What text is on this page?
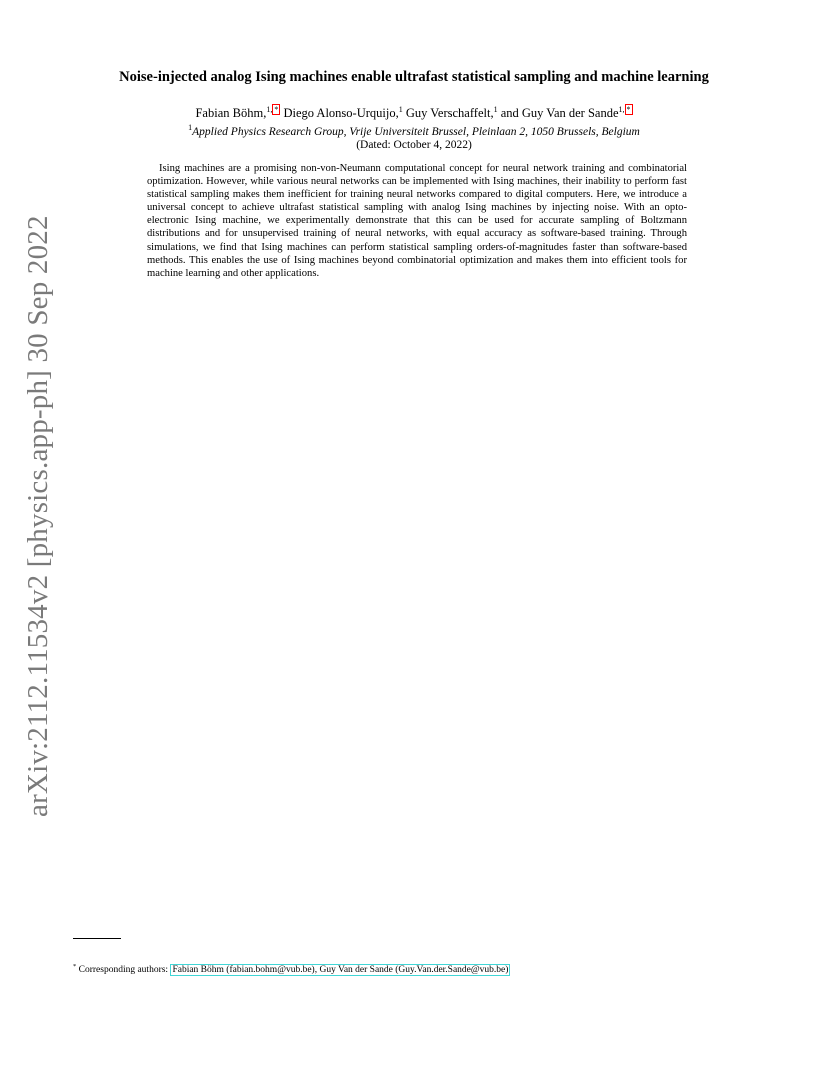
arXiv:2112.11534v2 [physics.app-ph] 30 Sep 2022
Noise-injected analog Ising machines enable ultrafast statistical sampling and machine learning
Fabian Böhm,$^{1, *}$ Diego Alonso-Urquijo,$^1$ Guy Verschaffelt,$^1$ and Guy Van der Sande$^{1, *}$
$^1$Applied Physics Research Group, Vrije Universiteit Brussel, Pleinlaan 2, 1050 Brussels, Belgium
(Dated: October 4, 2022)

Ising machines are a promising non-von-Neumann computational concept for neural network training and combinatorial optimization. However, while various neural networks can be implemented with Ising machines, their inability to perform fast statistical sampling makes them inefficient for training neural networks compared to digital computers. Here, we introduce a universal concept to achieve ultrafast statistical sampling with analog Ising machines by injecting noise. With an opto-electronic Ising machine, we experimentally demonstrate that this can be used for accurate sampling of Boltzmann distributions and for unsupervised training of neural networks, with equal accuracy as software-based training. Through simulations, we find that Ising machines can perform statistical sampling orders-of-magnitudes faster than software-based methods. This enables the use of Ising machines beyond combinatorial optimization and makes them into efficient tools for machine learning and other applications.

* Corresponding authors: Fabian Böhm (fabian.bohm@vub.be), Guy Van der Sande (Guy.Van.der.Sande@vub.be)
